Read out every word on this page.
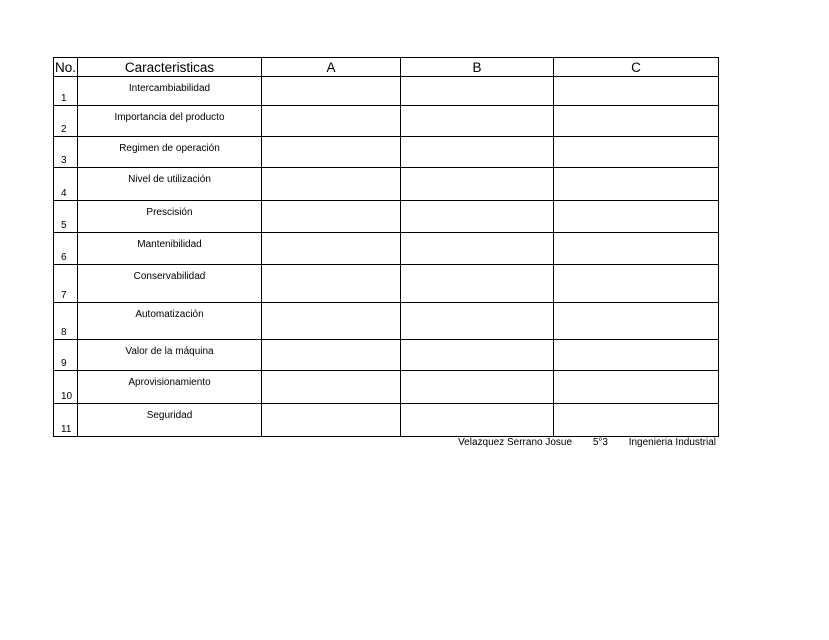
No.	Caracteristicas	A	B	C
1	Intercambiabilidad			
2	Importancia del producto			
3	Regimen de operación			
4	Nivel de utilización			
5	Prescisión			
6	Mantenibilidad			
7	Conservabilidad			
8	Automatización			
9	Valor de la máquina			
10	Aprovisionamiento			
11	Seguridad			
Velazquez Serrano Josue 5°3 Ingenieria Industrial
